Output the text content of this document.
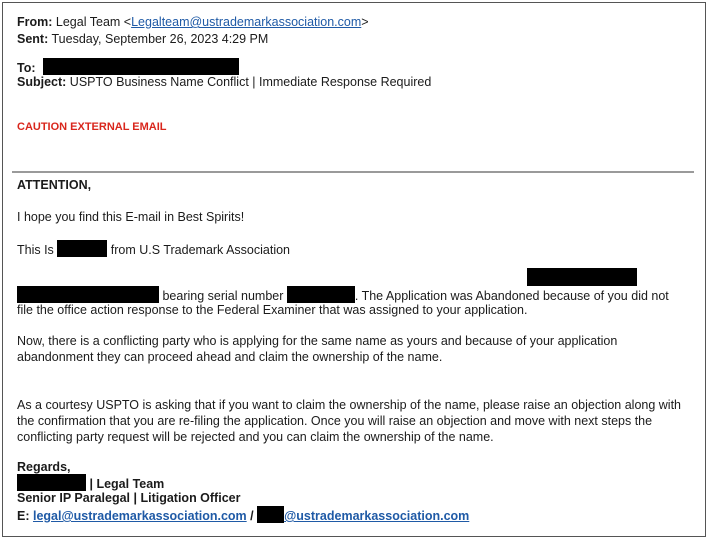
From: Legal Team <Legalteam@ustrademarkassociation.com>
Sent: Tuesday, September 26, 2023 4:29 PM
To:
Subject: USPTO Business Name Conflict | Immediate Response Required
CAUTION EXTERNAL EMAIL
ATTENTION,
I hope you find this E-mail in Best Spirits!
This Is	from U.S Trademark Association
bearing serial number	. The Application was Abandoned because of you did not
file the office action response to the Federal Examiner that was assigned to your application.
Now, there is a conflicting party who is applying for the same name as yours and because of your application
abandonment they can proceed ahead and claim the ownership of the name.
As a courtesy USPTO is asking that if you want to claim the ownership of the name, please raise an objection along with
the confirmation that you are re-filing the application. Once you will raise an objection and move with next steps the
conflicting party request will be rejected and you can claim the ownership of the name.
Regards,
| Legal Team
Senior IP Paralegal | Litigation Officer
E: legal@ustrademarkassociation.com / @ustrademarkassociation.com
